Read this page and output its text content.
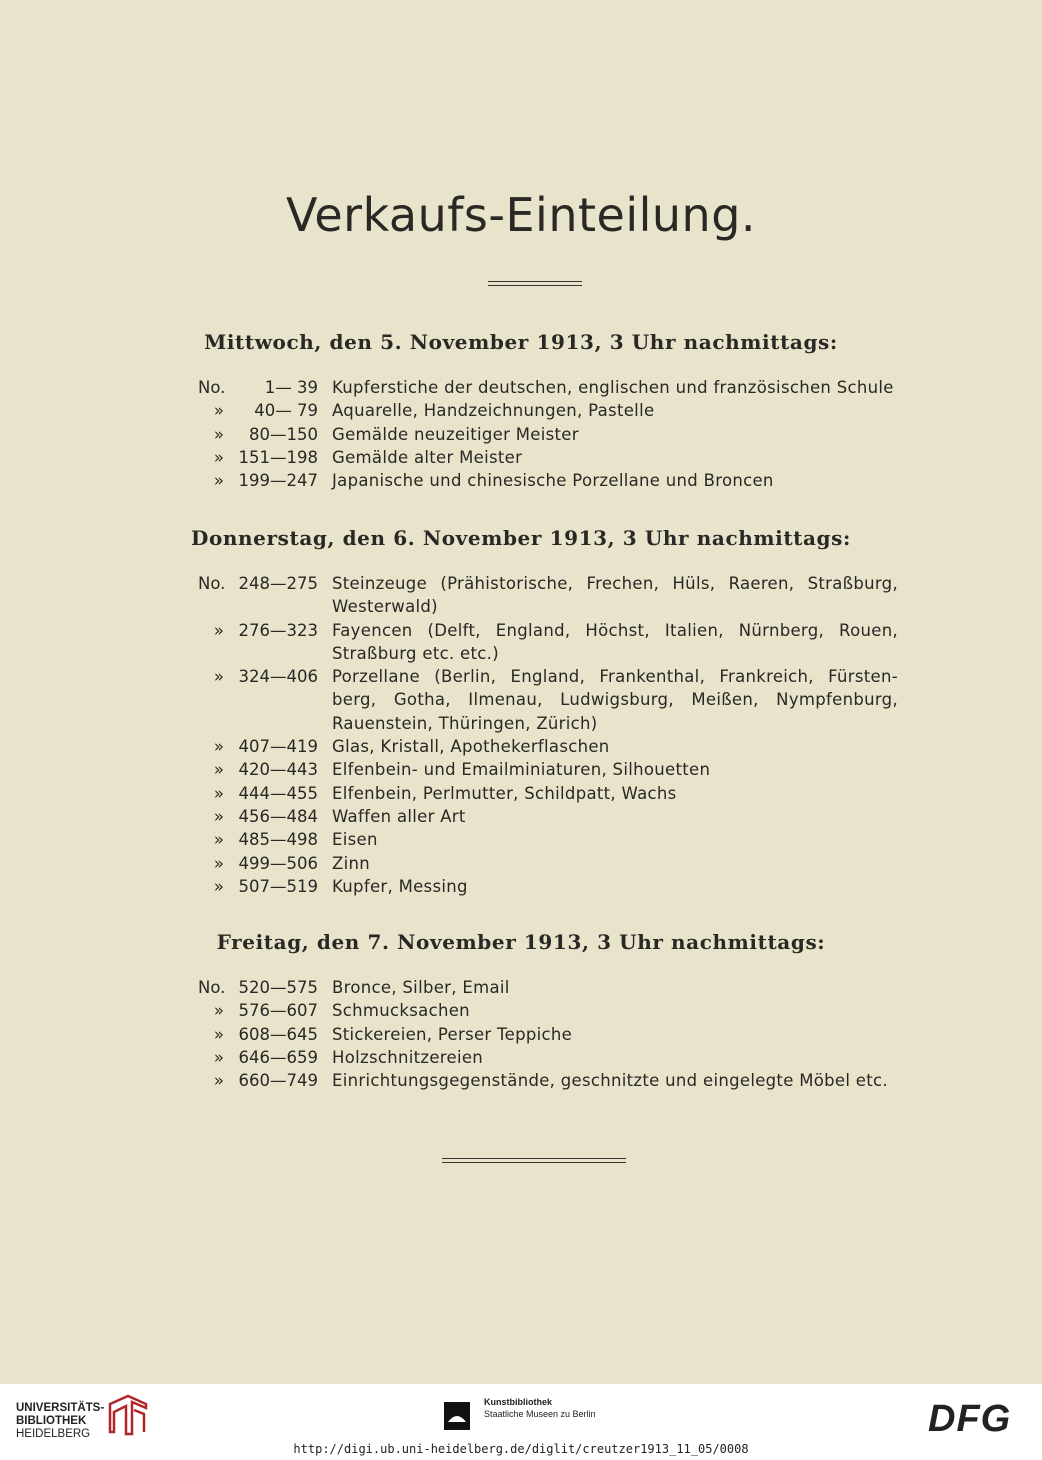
Verkaufs-Einteilung.
Mittwoch, den 5. November 1913, 3 Uhr nachmittags:
No.	1— 39 Kupferstiche der deutschen, englischen und französischen Schule
»	40— 79 Aquarelle, Handzeichnungen, Pastelle
»	80—150 Gemälde neuzeitiger Meister
» 151—198 Gemälde alter Meister
» 199—247 Japanische und chinesische Porzellane und Broncen
Donnerstag, den 6. November 1913, 3 Uhr nachmittags:
No. 248—275 Steinzeuge (Prähistorische, Frechen, Hüls, Raeren, Straßburg, Westerwald)
» 276—323 Fayencen (Delft, England, Höchst, Italien, Nürnberg, Rouen, Straßburg etc. etc.)
» 324—406 Porzellane (Berlin, England, Frankenthal, Frankreich, Fürsten-berg, Gotha, Ilmenau, Ludwigsburg, Meißen, Nympfenburg, Rauenstein, Thüringen, Zürich)
» 407—419 Glas, Kristall, Apothekerflaschen
» 420—443 Elfenbein- und Emailminiaturen, Silhouetten
» 444—455 Elfenbein, Perlmutter, Schildpatt, Wachs
» 456—484 Waffen aller Art
» 485—498 Eisen
» 499—506 Zinn
» 507—519 Kupfer, Messing
Freitag, den 7. November 1913, 3 Uhr nachmittags:
No. 520—575 Bronce, Silber, Email
» 576—607 Schmucksachen
» 608—645 Stickereien, Perser Teppiche
» 646—659 Holzschnitzereien
» 660—749 Einrichtungsgegenstände, geschnitzte und eingelegte Möbel etc.
UNIVERSITÄTS-
BIBLIOTHEK
HEIDELBERG
Kunstbibliothek
Staatliche Museen zu Berlin	DFG
http://digi.ub.uni-heidelberg.de/diglit/creutzer1913_11_05/0008
